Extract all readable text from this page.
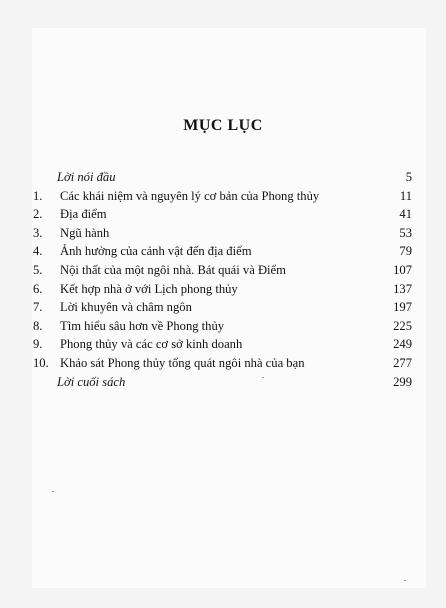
MỤC LỤC
Lời nói đầu	5
1. Các khái niệm và nguyên lý cơ bản của Phong thủy	11
2. Địa điểm	41
3. Ngũ hành	53
4. Ảnh hưởng của cảnh vật đến địa điểm	79
5. Nội thất của một ngôi nhà. Bát quái và Điểm	107
6. Kết hợp nhà ở với Lịch phong thủy	137
7. Lời khuyên và châm ngôn	197
8. Tìm hiểu sâu hơn về Phong thủy	225
9. Phong thủy và các cơ sở kinh doanh	249
10. Khảo sát Phong thủy tổng quát ngôi nhà của bạn	277
Lời cuối sách	299
